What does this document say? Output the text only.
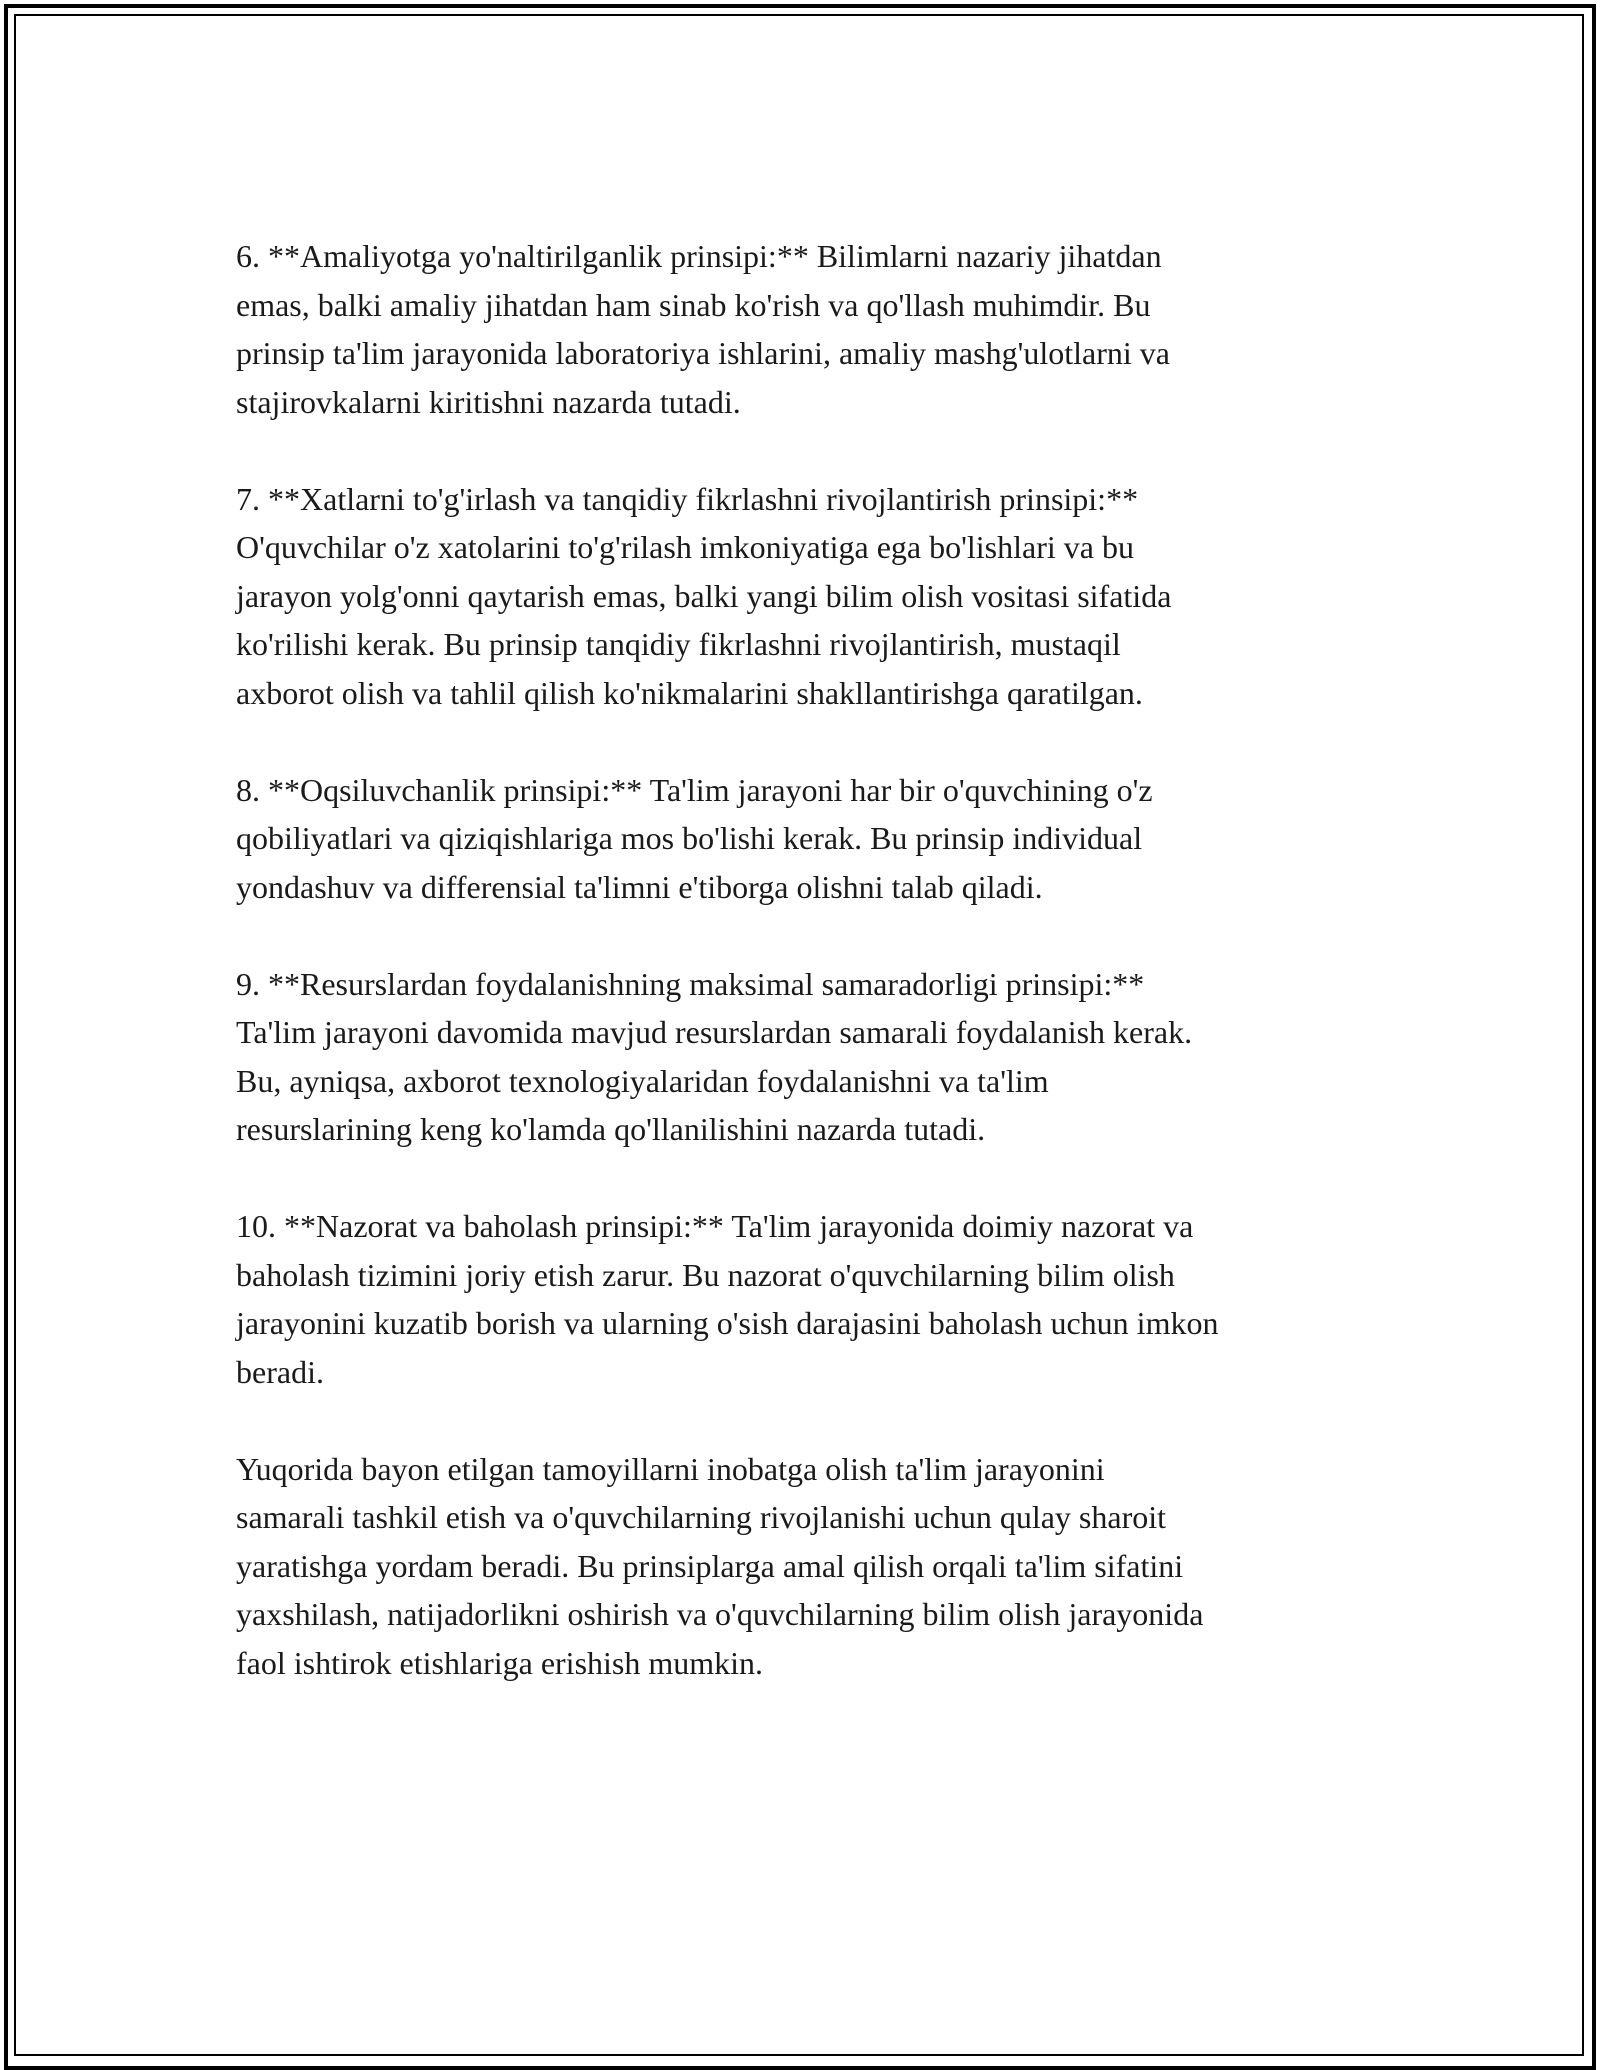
6. **Amaliyotga yo'naltirilganlik prinsipi:** Bilimlarni nazariy jihatdan
emas, balki amaliy jihatdan ham sinab ko'rish va qo'llash muhimdir. Bu
prinsip ta'lim jarayonida laboratoriya ishlarini, amaliy mashg'ulotlarni va
stajirovkalarni kiritishni nazarda tutadi.

7. **Xatlarni to'g'irlash va tanqidiy fikrlashni rivojlantirish prinsipi:**
O'quvchilar o'z xatolarini to'g'rilash imkoniyatiga ega bo'lishlari va bu
jarayon yolg'onni qaytarish emas, balki yangi bilim olish vositasi sifatida
ko'rilishi kerak. Bu prinsip tanqidiy fikrlashni rivojlantirish, mustaqil
axborot olish va tahlil qilish ko'nikmalarini shakllantirishga qaratilgan.

8. **Oqsiluvchanlik prinsipi:** Ta'lim jarayoni har bir o'quvchining o'z
qobiliyatlari va qiziqishlariga mos bo'lishi kerak. Bu prinsip individual
yondashuv va differensial ta'limni e'tiborga olishni talab qiladi.

9. **Resurslardan foydalanishning maksimal samaradorligi prinsipi:**
Ta'lim jarayoni davomida mavjud resurslardan samarali foydalanish kerak.
Bu, ayniqsa, axborot texnologiyalaridan foydalanishni va ta'lim
resurslarining keng ko'lamda qo'llanilishini nazarda tutadi.

10. **Nazorat va baholash prinsipi:** Ta'lim jarayonida doimiy nazorat va
baholash tizimini joriy etish zarur. Bu nazorat o'quvchilarning bilim olish
jarayonini kuzatib borish va ularning o'sish darajasini baholash uchun imkon
beradi.

Yuqorida bayon etilgan tamoyillarni inobatga olish ta'lim jarayonini
samarali tashkil etish va o'quvchilarning rivojlanishi uchun qulay sharoit
yaratishga yordam beradi. Bu prinsiplarga amal qilish orqali ta'lim sifatini
yaxshilash, natijadorlikni oshirish va o'quvchilarning bilim olish jarayonida
faol ishtirok etishlariga erishish mumkin.
